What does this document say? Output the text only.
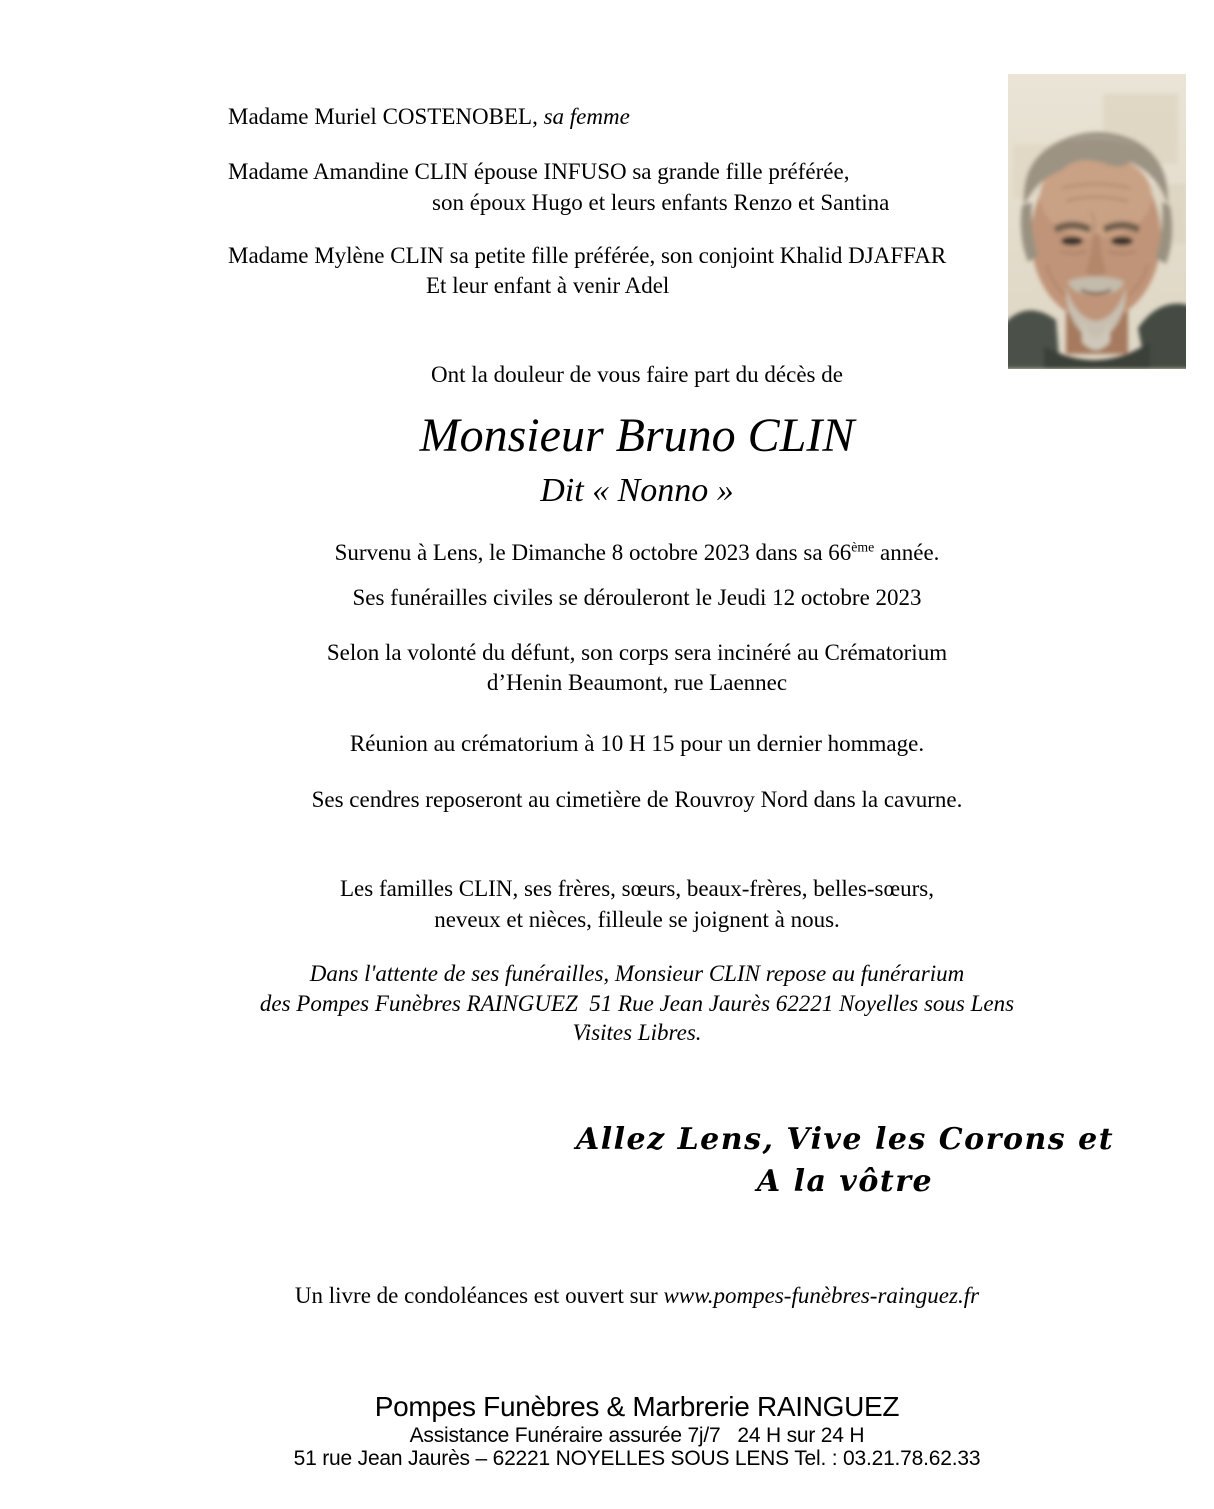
Madame Muriel COSTENOBEL, sa femme
Madame Amandine CLIN épouse INFUSO sa grande fille préférée,
son époux Hugo et leurs enfants Renzo et Santina
Madame Mylène CLIN sa petite fille préférée, son conjoint Khalid DJAFFAR
Et leur enfant à venir Adel
Ont la douleur de vous faire part du décès de
Monsieur Bruno CLIN
Dit « Nonno »
Survenu à Lens, le Dimanche 8 octobre 2023 dans sa 66ème année.
Ses funérailles civiles se dérouleront le Jeudi 12 octobre 2023
Selon la volonté du défunt, son corps sera incinéré au Crématorium
d’Henin Beaumont, rue Laennec
Réunion au crématorium à 10 H 15 pour un dernier hommage.
Ses cendres reposeront au cimetière de Rouvroy Nord dans la cavurne.
Les familles CLIN, ses frères, sœurs, beaux-frères, belles-sœurs,
neveux et nièces, filleule se joignent à nous.
Dans l'attente de ses funérailles, Monsieur CLIN repose au funérarium
des Pompes Funèbres RAINGUEZ  51 Rue Jean Jaurès 62221 Noyelles sous Lens
Visites Libres.
Allez Lens, Vive les Corons et
A la vôtre
Un livre de condoléances est ouvert sur www.pompes-funèbres-rainguez.fr
Pompes Funèbres & Marbrerie RAINGUEZ
Assistance Funéraire assurée 7j/7   24 H sur 24 H
51 rue Jean Jaurès – 62221 NOYELLES SOUS LENS Tel. : 03.21.78.62.33
